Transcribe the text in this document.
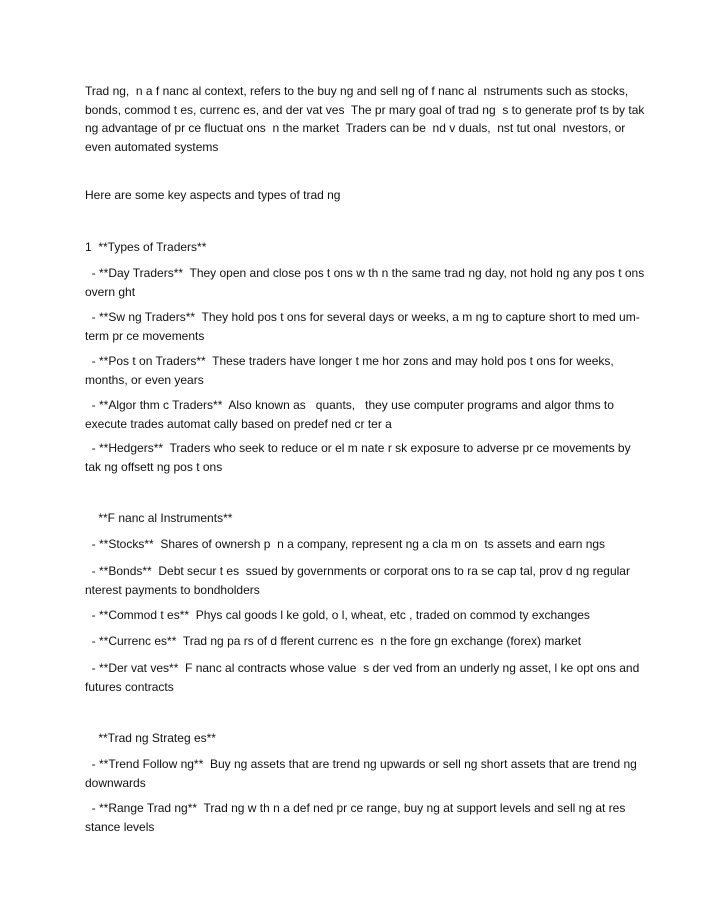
Trad ng,  n a f nanc al context, refers to the buy ng and sell ng of f nanc al  nstruments such as stocks, bonds, commod t es, currenc es, and der vat ves  The pr mary goal of trad ng  s to generate prof ts by tak ng advantage of pr ce fluctuat ons  n the market  Traders can be  nd v duals,  nst tut onal  nvestors, or even automated systems

Here are some key aspects and types of trad ng

1  **Types of Traders**

- **Day Traders**  They open and close pos t ons w th n the same trad ng day, not hold ng any pos t ons overn ght

- **Sw ng Traders**  They hold pos t ons for several days or weeks, a m ng to capture short to med um-term pr ce movements

- **Pos t on Traders**  These traders have longer t me hor zons and may hold pos t ons for weeks, months, or even years

- **Algor thm c Traders**  Also known as   quants,   they use computer programs and algor thms to execute trades automat cally based on predef ned cr ter a

- **Hedgers**  Traders who seek to reduce or el m nate r sk exposure to adverse pr ce movements by tak ng offsett ng pos t ons

**F nanc al Instruments**

- **Stocks**  Shares of ownersh p  n a company, represent ng a cla m on  ts assets and earn ngs

- **Bonds**  Debt secur t es  ssued by governments or corporat ons to ra se cap tal, prov d ng regular  nterest payments to bondholders

- **Commod t es**  Phys cal goods l ke gold, o l, wheat, etc , traded on commod ty exchanges

- **Currenc es**  Trad ng pa rs of d fferent currenc es  n the fore gn exchange (forex) market

- **Der vat ves**  F nanc al contracts whose value  s der ved from an underly ng asset, l ke opt ons and futures contracts

**Trad ng Strateg es**

- **Trend Follow ng**  Buy ng assets that are trend ng upwards or sell ng short assets that are trend ng downwards

- **Range Trad ng**  Trad ng w th n a def ned pr ce range, buy ng at support levels and sell ng at res stance levels
